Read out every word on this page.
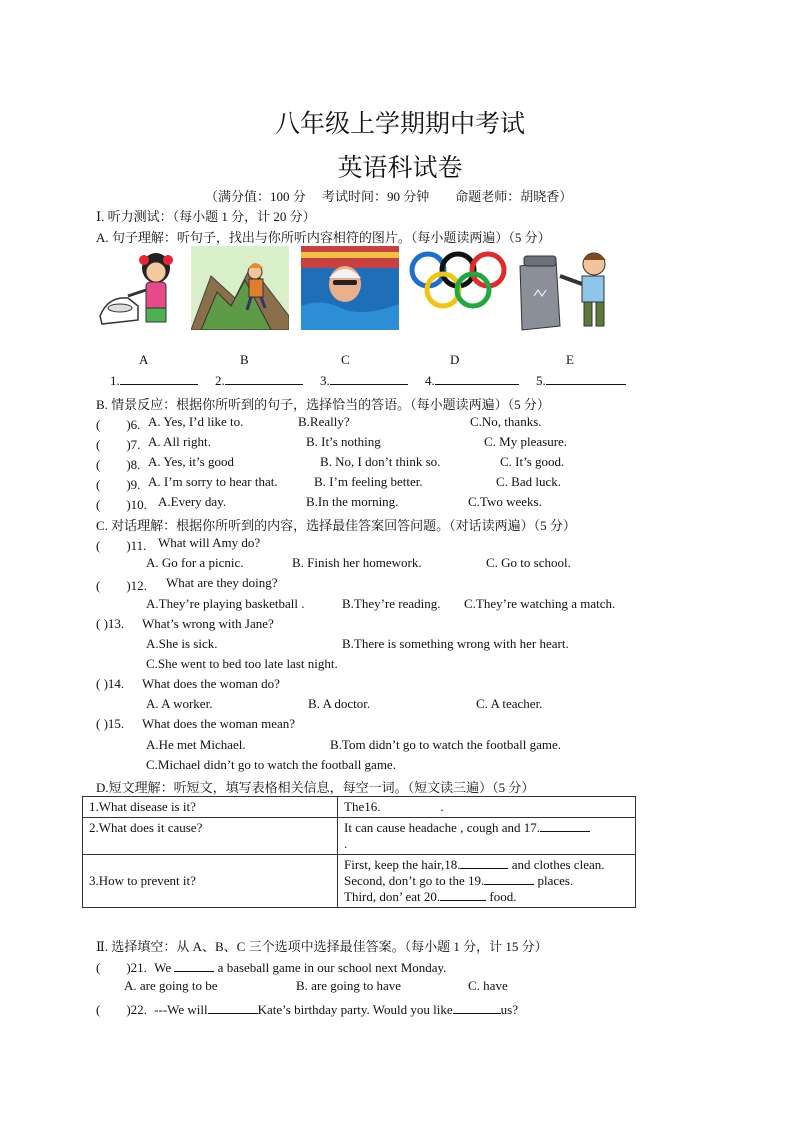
八年级上学期期中考试
英语科试卷
（满分值：100 分　 考试时间：90 分钟　　命题老师：胡晓香）
Ⅰ. 听力测试：（每小题 1 分，计 20 分）
A. 句子理解：听句子，找出与你所听内容相符的图片。（每小题读两遍）（5 分）
A	B	C	D	E
1.	2.	3.	4.	5.
B. 情景反应：根据你所听到的句子，选择恰当的答语。（每小题读两遍）（5 分）
(　　)6. A. Yes, I’d like to.	B.Really?	C.No, thanks.
(　　)7. A. All right.	B. It’s nothing	C. My pleasure.
(　　)8. A. Yes, it’s good	B. No, I don’t think so.	C. It’s good.
(　　)9. A. I’m sorry to hear that.	B. I’m feeling better.	C. Bad luck.
(　　)10. A.Every day.	B.In the morning.	C.Two weeks.
C. 对话理解：根据你所听到的内容，选择最佳答案回答问题。（对话读两遍）（5 分）
(　　)11. What will Amy do?
A. Go for a picnic.	B. Finish her homework.	C. Go to school.
(　　)12. What are they doing?
A.They’re playing basketball .	B.They’re reading. C.They’re watching a match.
( )13. What’s wrong with Jane?
A.She is sick.	B.There is something wrong with her heart.
C.She went to bed too late last night.
( )14. What does the woman do?
A. A worker.	B. A doctor.	C. A teacher.
( )15. What does the woman mean?
A.He met Michael.	B.Tom didn’t go to watch the football game.
C.Michael didn’t go to watch the football game.
D.短文理解：听短文，填写表格相关信息，每空一词。（短文读三遍）（5 分）
1.What disease is it?	The16. .
2.What does it cause?	It can cause headache , cough and 17.
.
3.How to prevent it?	First, keep the hair,18. and clothes clean.
Second, don’t go to the 19. places.
Third, don’ eat 20. food.
Ⅱ. 选择填空：从 A、B、C 三个选项中选择最佳答案。（每小题 1 分，计 15 分）
(　　)21. We	a baseball game in our school next Monday.
A. are going to be	B. are going to have	C. have
(　　)22. ---We will	Kate’s birthday party. Would you like	us?
